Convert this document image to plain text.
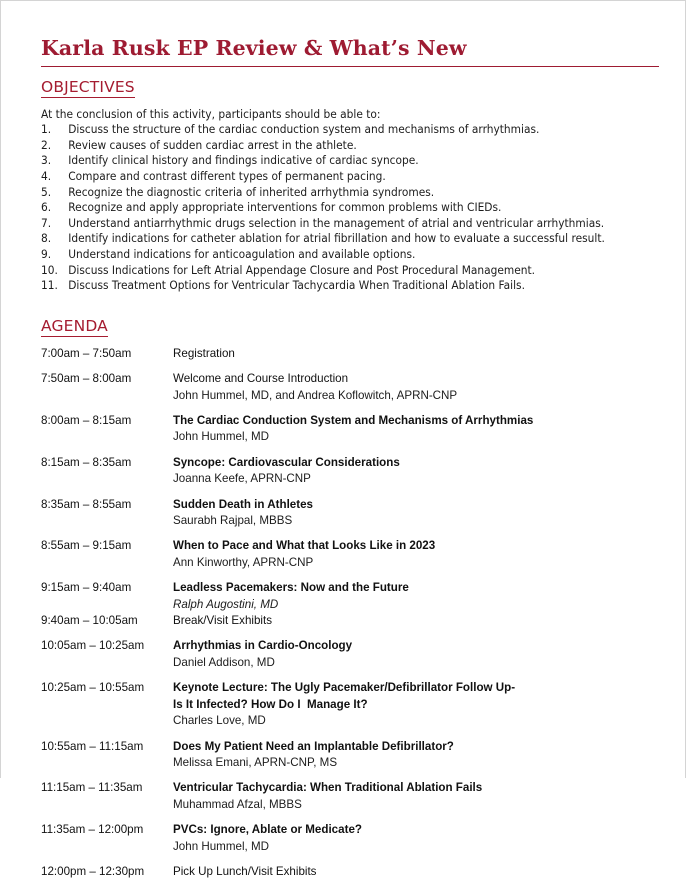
Karla Rusk EP Review & What’s New
OBJECTIVES
At the conclusion of this activity, participants should be able to:
1.	Discuss the structure of the cardiac conduction system and mechanisms of arrhythmias.
2.	Review causes of sudden cardiac arrest in the athlete.
3.	Identify clinical history and findings indicative of cardiac syncope.
4.	Compare and contrast different types of permanent pacing.
5.	Recognize the diagnostic criteria of inherited arrhythmia syndromes.
6.	Recognize and apply appropriate interventions for common problems with CIEDs.
7.	Understand antiarrhythmic drugs selection in the management of atrial and ventricular arrhythmias.
8.	Identify indications for catheter ablation for atrial fibrillation and how to evaluate a successful result.
9.	Understand indications for anticoagulation and available options.
10. Discuss Indications for Left Atrial Appendage Closure and Post Procedural Management.
11. Discuss Treatment Options for Ventricular Tachycardia When Traditional Ablation Fails.
AGENDA
7:00am – 7:50am	Registration
7:50am – 8:00am	Welcome and Course Introduction
John Hummel, MD, and Andrea Koflowitch, APRN-CNP
8:00am – 8:15am	The Cardiac Conduction System and Mechanisms of Arrhythmias
John Hummel, MD
8:15am – 8:35am	Syncope: Cardiovascular Considerations
Joanna Keefe, APRN-CNP
8:35am – 8:55am	Sudden Death in Athletes
Saurabh Rajpal, MBBS
8:55am – 9:15am	When to Pace and What that Looks Like in 2023
Ann Kinworthy, APRN-CNP
9:15am – 9:40am	Leadless Pacemakers: Now and the Future
Ralph Augostini, MD
9:40am – 10:05am	Break/Visit Exhibits
10:05am – 10:25am	Arrhythmias in Cardio-Oncology
Daniel Addison, MD
10:25am – 10:55am	Keynote Lecture: The Ugly Pacemaker/Defibrillator Follow Up-
Is It Infected? How Do I  Manage It?
Charles Love, MD
10:55am – 11:15am	Does My Patient Need an Implantable Defibrillator?
Melissa Emani, APRN-CNP, MS
11:15am – 11:35am	Ventricular Tachycardia: When Traditional Ablation Fails
Muhammad Afzal, MBBS
11:35am – 12:00pm	PVCs: Ignore, Ablate or Medicate?
John Hummel, MD
12:00pm – 12:30pm	Pick Up Lunch/Visit Exhibits
